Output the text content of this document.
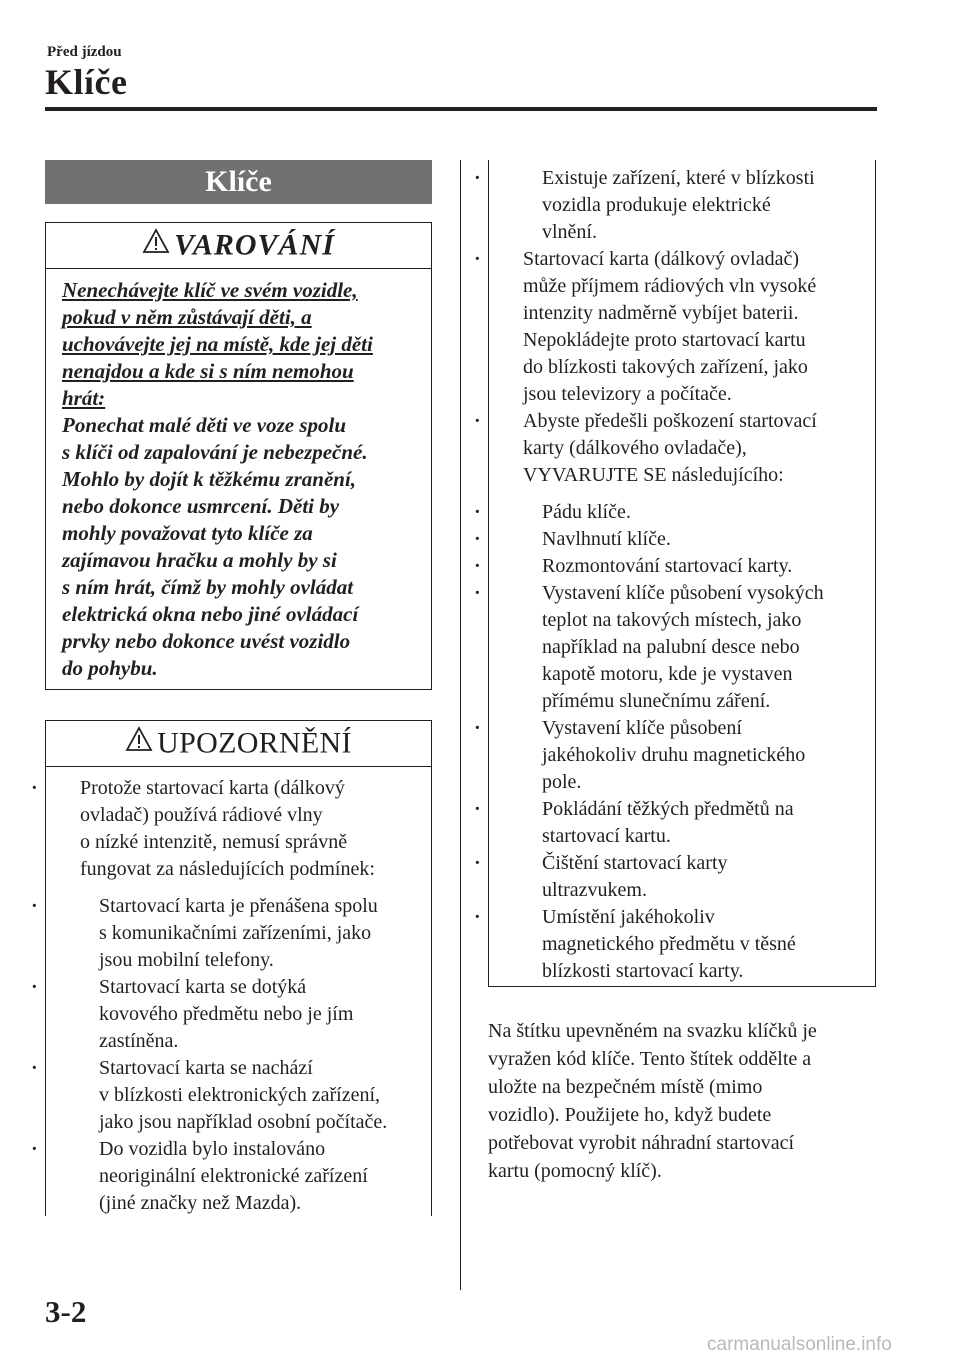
Před jízdou
Klíče
Klíče
VAROVÁNÍ
Nenechávejte klíč ve svém vozidle,
pokud v něm zůstávají děti, a
uchovávejte jej na místě, kde jej děti
nenajdou a kde si s ním nemohou
hrát:
Ponechat malé děti ve voze spolu
s klíči od zapalování je nebezpečné.
Mohlo by dojít k těžkému zranění,
nebo dokonce usmrcení. Děti by
mohly považovat tyto klíče za
zajímavou hračku a mohly by si
s ním hrát, čímž by mohly ovládat
elektrická okna nebo jiné ovládací
prvky nebo dokonce uvést vozidlo
do pohybu.
UPOZORNĚNÍ
· Protože startovací karta (dálkový
ovladač) používá rádiové vlny
o nízké intenzitě, nemusí správně
fungovat za následujících podmínek:
· Startovací karta je přenášena spolu
s komunikačními zařízeními, jako
jsou mobilní telefony.
· Startovací karta se dotýká
kovového předmětu nebo je jím
zastíněna.
· Startovací karta se nachází
v blízkosti elektronických zařízení,
jako jsou například osobní počítače.
· Do vozidla bylo instalováno
neoriginální elektronické zařízení
(jiné značky než Mazda).
· Existuje zařízení, které v blízkosti
vozidla produkuje elektrické
vlnění.
· Startovací karta (dálkový ovladač)
může příjmem rádiových vln vysoké
intenzity nadměrně vybíjet baterii.
Nepokládejte proto startovací kartu
do blízkosti takových zařízení, jako
jsou televizory a počítače.
· Abyste předešli poškození startovací
karty (dálkového ovladače),
VYVARUJTE SE následujícího:
· Pádu klíče.
· Navlhnutí klíče.
· Rozmontování startovací karty.
· Vystavení klíče působení vysokých
teplot na takových místech, jako
například na palubní desce nebo
kapotě motoru, kde je vystaven
přímému slunečnímu záření.
· Vystavení klíče působení
jakéhokoliv druhu magnetického
pole.
· Pokládání těžkých předmětů na
startovací kartu.
· Čištění startovací karty
ultrazvukem.
· Umístění jakéhokoliv
magnetického předmětu v těsné
blízkosti startovací karty.
Na štítku upevněném na svazku klíčků je
vyražen kód klíče. Tento štítek oddělte a
uložte na bezpečném místě (mimo
vozidlo). Použijete ho, když budete
potřebovat vyrobit náhradní startovací
kartu (pomocný klíč).
3-2
carmanualsonline.info
